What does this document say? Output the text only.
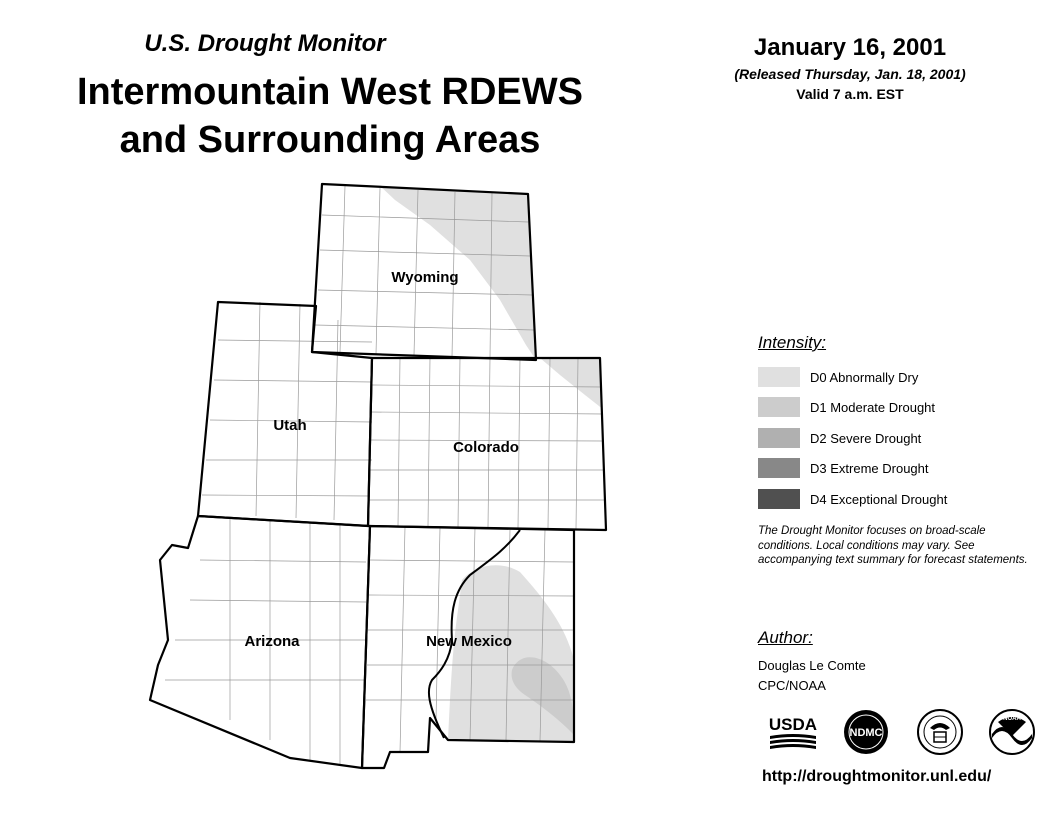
U.S. Drought Monitor
Intermountain West RDEWS
and Surrounding Areas
January 16, 2001
(Released Thursday, Jan. 18, 2001)
Valid 7 a.m. EST
Wyoming
Utah
Colorado
Arizona	New Mexico
Intensity:
D0 Abnormally Dry
D1 Moderate Drought
D2 Severe Drought
D3 Extreme Drought
D4 Exceptional Drought
The Drought Monitor focuses on broad-scale conditions. Local conditions may vary. See accompanying text summary for forecast statements.
Author:
Douglas Le Comte
CPC/NOAA
USDA	NDMC
NOAA
http://droughtmonitor.unl.edu/
